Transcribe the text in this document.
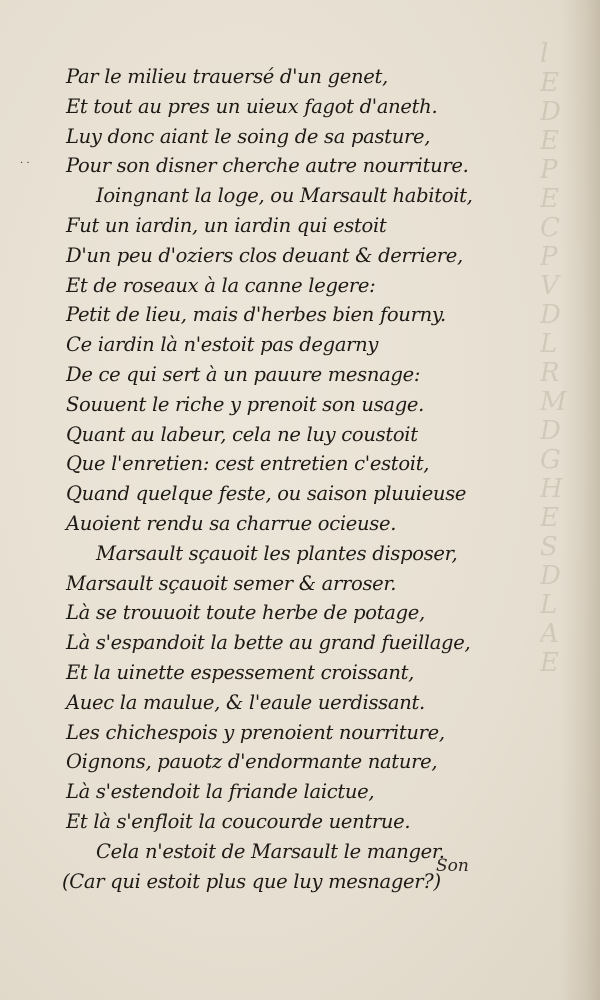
l
E
D
E
P
E
C
P
V
D
L
R
M
D
G
H
E
S
D
L
A
E
· ·
Par le milieu trauersé d'un genet,
Et tout au pres un uieux fagot d'aneth.
Luy donc aiant le soing de sa pasture,
Pour son disner cherche autre nourriture.
Ioingnant la loge, ou Marsault habitoit,
Fut un iardin, un iardin qui estoit
D'un peu d'oziers clos deuant & derriere,
Et de roseaux à la canne legere:
Petit de lieu, mais d'herbes bien fourny.
Ce iardin là n'estoit pas degarny
De ce qui sert à un pauure mesnage:
Souuent le riche y prenoit son usage.
Quant au labeur, cela ne luy coustoit
Que l'enretien: cest entretien c'estoit,
Quand quelque feste, ou saison pluuieuse
Auoient rendu sa charrue ocieuse.
Marsault sçauoit les plantes disposer,
Marsault sçauoit semer & arroser.
Là se trouuoit toute herbe de potage,
Là s'espandoit la bette au grand fueillage,
Et la uinette espessement croissant,
Auec la maulue, & l'eaule uerdissant.
Les chichespois y prenoient nourriture,
Oignons, pauotz d'endormante nature,
Là s'estendoit la friande laictue,
Et là s'enfloit la coucourde uentrue.
Cela n'estoit de Marsault le manger.
(Car qui estoit plus que luy mesnager?)
Son
